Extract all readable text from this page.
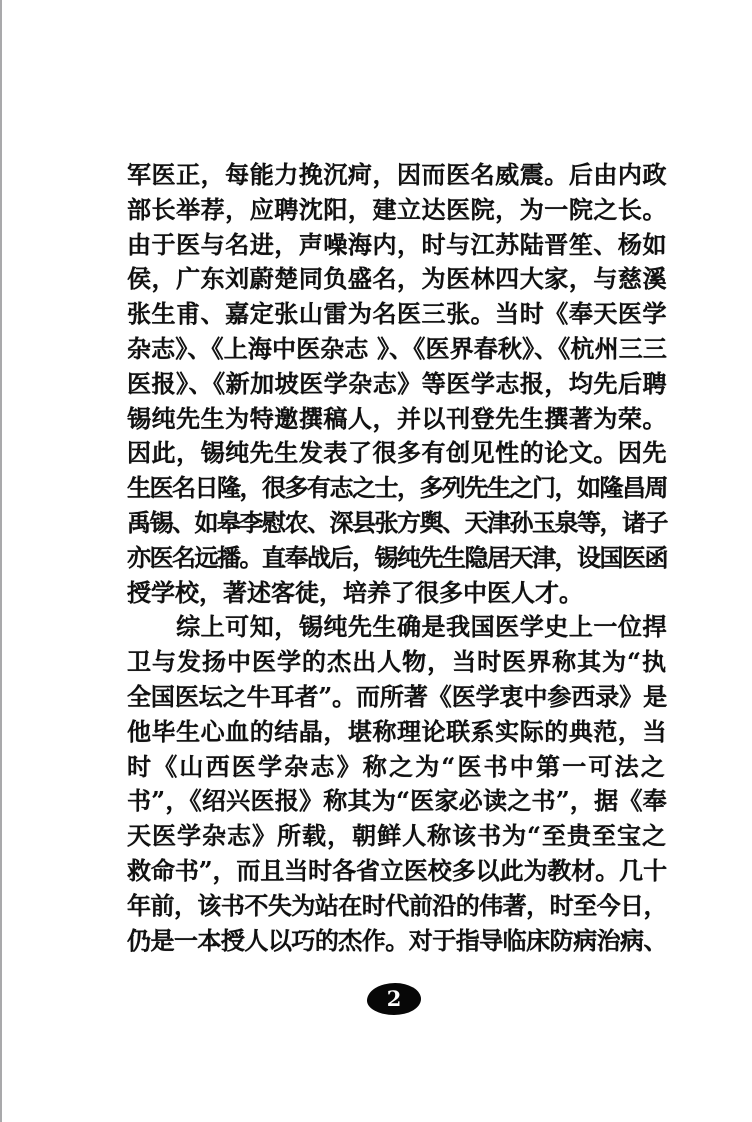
军医正，每能力挽沉疴，因而医名威震。后由内政
部长举荐，应聘沈阳，建立达医院，为一院之长。
由于医与名进，声噪海内，时与江苏陆晋笙、杨如
侯，广东刘蔚楚同负盛名，为医林四大家，与慈溪
张生甫、嘉定张山雷为名医三张。当时《奉天医学
杂志》、《上海中医杂志 》、《医界春秋》、《杭州三三
医报》、《新加坡医学杂志》等医学志报，均先后聘
锡纯先生为特邀撰稿人，并以刊登先生撰著为荣。
因此，锡纯先生发表了很多有创见性的论文。因先
生医名日隆，很多有志之士，多列先生之门，如隆昌周
禹锡、如皋李慰农、深县张方舆、天津孙玉泉等，诸子
亦医名远播。直奉战后，锡纯先生隐居天津，设国医函
授学校，著述客徒，培养了很多中医人才。
　　综上可知，锡纯先生确是我国医学史上一位捍
卫与发扬中医学的杰出人物，当时医界称其为“执
全国医坛之牛耳者”。而所著《医学衷中参西录》是
他毕生心血的结晶，堪称理论联系实际的典范，当
时《山西医学杂志》称之为“医书中第一可法之
书”，《绍兴医报》称其为“医家必读之书”，据《奉
天医学杂志》所载，朝鲜人称该书为“至贵至宝之
救命书”，而且当时各省立医校多以此为教材。几十
年前，该书不失为站在时代前沿的伟著，时至今日，
仍是一本授人以巧的杰作。对于指导临床防病治病、
2
